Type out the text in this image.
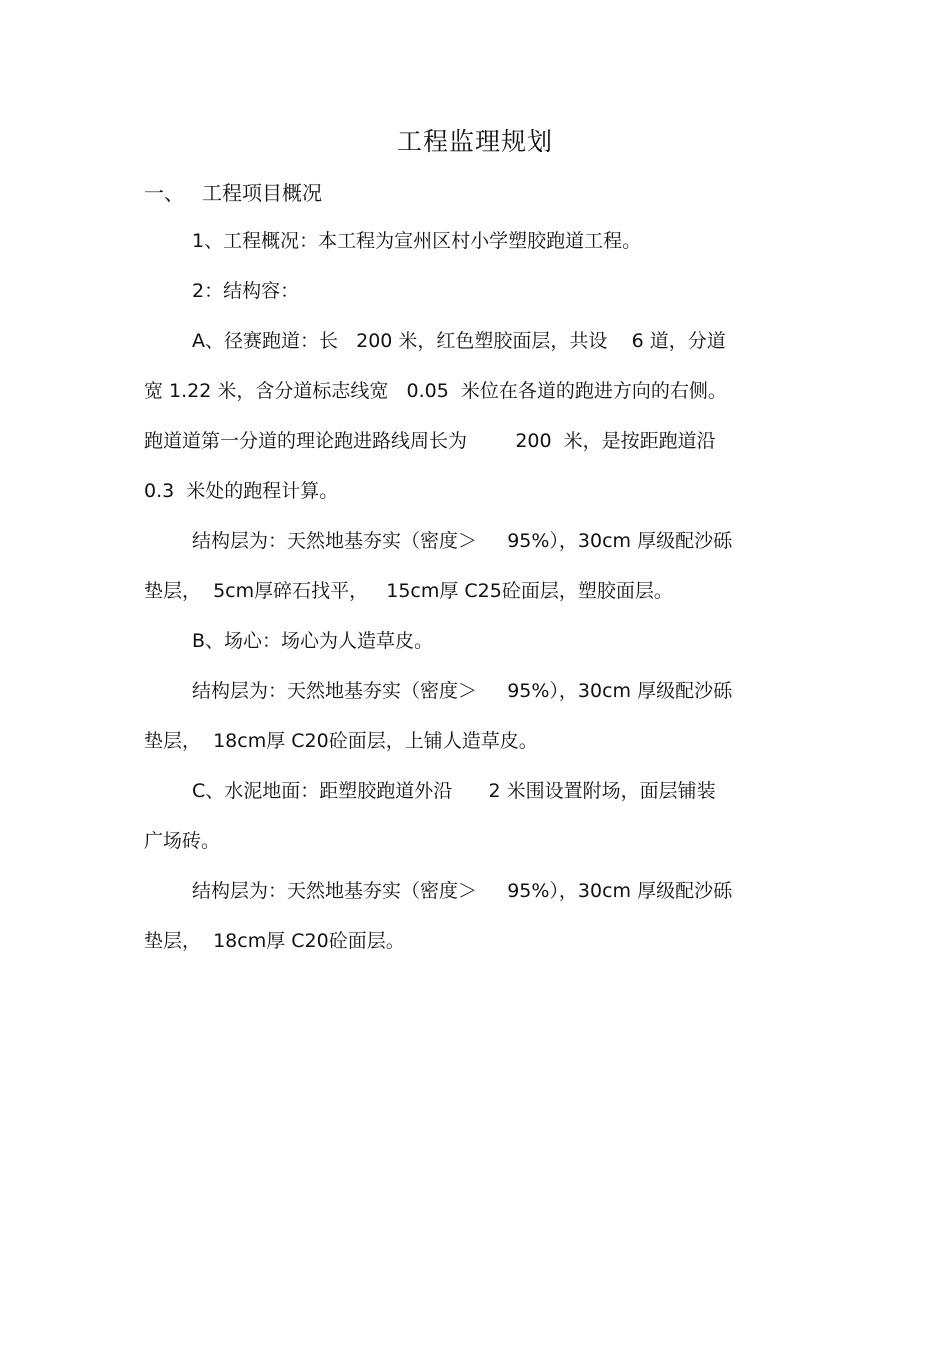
工程监理规划
一、 工程项目概况

1、工程概况：本工程为宣州区村小学塑胶跑道工程。

2：结构容：

A、径赛跑道：长   200 米，红色塑胶面层，共设    6 道，分道

宽 1.22 米，含分道标志线宽   0.05  米位在各道的跑进方向的右侧。

跑道道第一分道的理论跑进路线周长为        200  米，是按距跑道沿

0.3  米处的跑程计算。

结构层为：天然地基夯实（密度＞     95%），30cm 厚级配沙砾

垫层，  5cm厚碎石找平，   15cm厚 C25砼面层，塑胶面层。

B、场心：场心为人造草皮。

结构层为：天然地基夯实（密度＞     95%），30cm 厚级配沙砾

垫层，  18cm厚 C20砼面层，上铺人造草皮。

C、水泥地面：距塑胶跑道外沿      2 米围设置附场，面层铺装

广场砖。

结构层为：天然地基夯实（密度＞     95%），30cm 厚级配沙砾

垫层，  18cm厚 C20砼面层。
